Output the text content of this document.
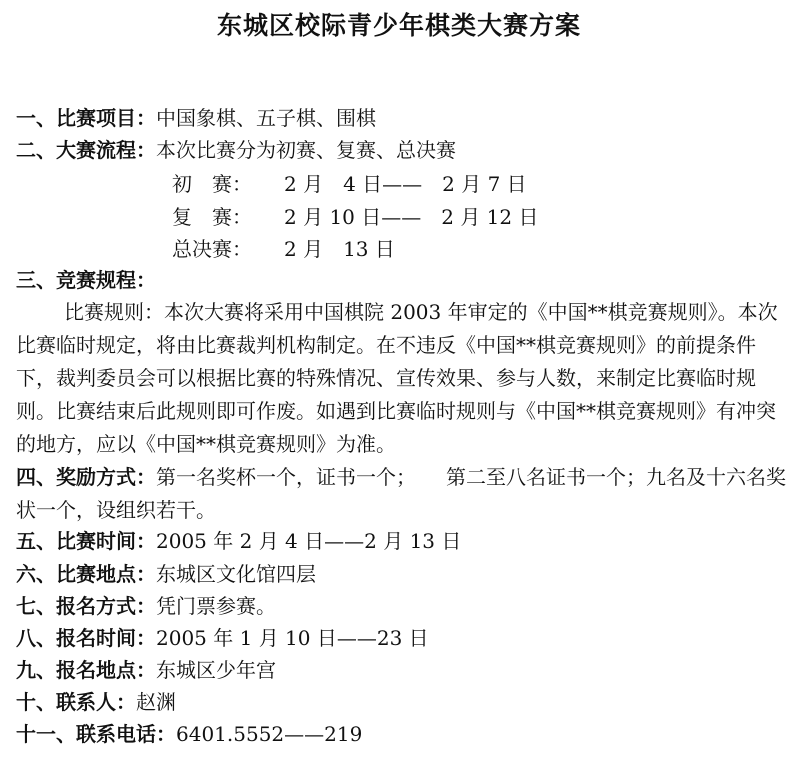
东城区校际青少年棋类大赛方案
一、比赛项目：中国象棋、五子棋、围棋
二、大赛流程：本次比赛分为初赛、复赛、总决赛
初　赛： 2 月　4 日——　2 月 7 日
复　赛： 2 月 10 日——　2 月 12 日
总决赛： 2 月　13 日
三、竞赛规程：
比赛规则：本次大赛将采用中国棋院 2003 年审定的《中国**棋竞赛规则》。本次比赛临时规定，将由比赛裁判机构制定。在不违反《中国**棋竞赛规则》的前提条件下，裁判委员会可以根据比赛的特殊情况、宣传效果、参与人数，来制定比赛临时规则。比赛结束后此规则即可作废。如遇到比赛临时规则与《中国**棋竞赛规则》有冲突的地方，应以《中国**棋竞赛规则》为准。
四、奖励方式：第一名奖杯一个，证书一个；　　第二至八名证书一个；九名及十六名奖状一个，设组织若干。
五、比赛时间：2005 年 2 月 4 日——2 月 13 日
六、比赛地点：东城区文化馆四层
七、报名方式：凭门票参赛。
八、报名时间：2005 年 1 月 10 日——23 日
九、报名地点：东城区少年宫
十、联系人：赵渊
十一、联系电话：6401.5552——219
